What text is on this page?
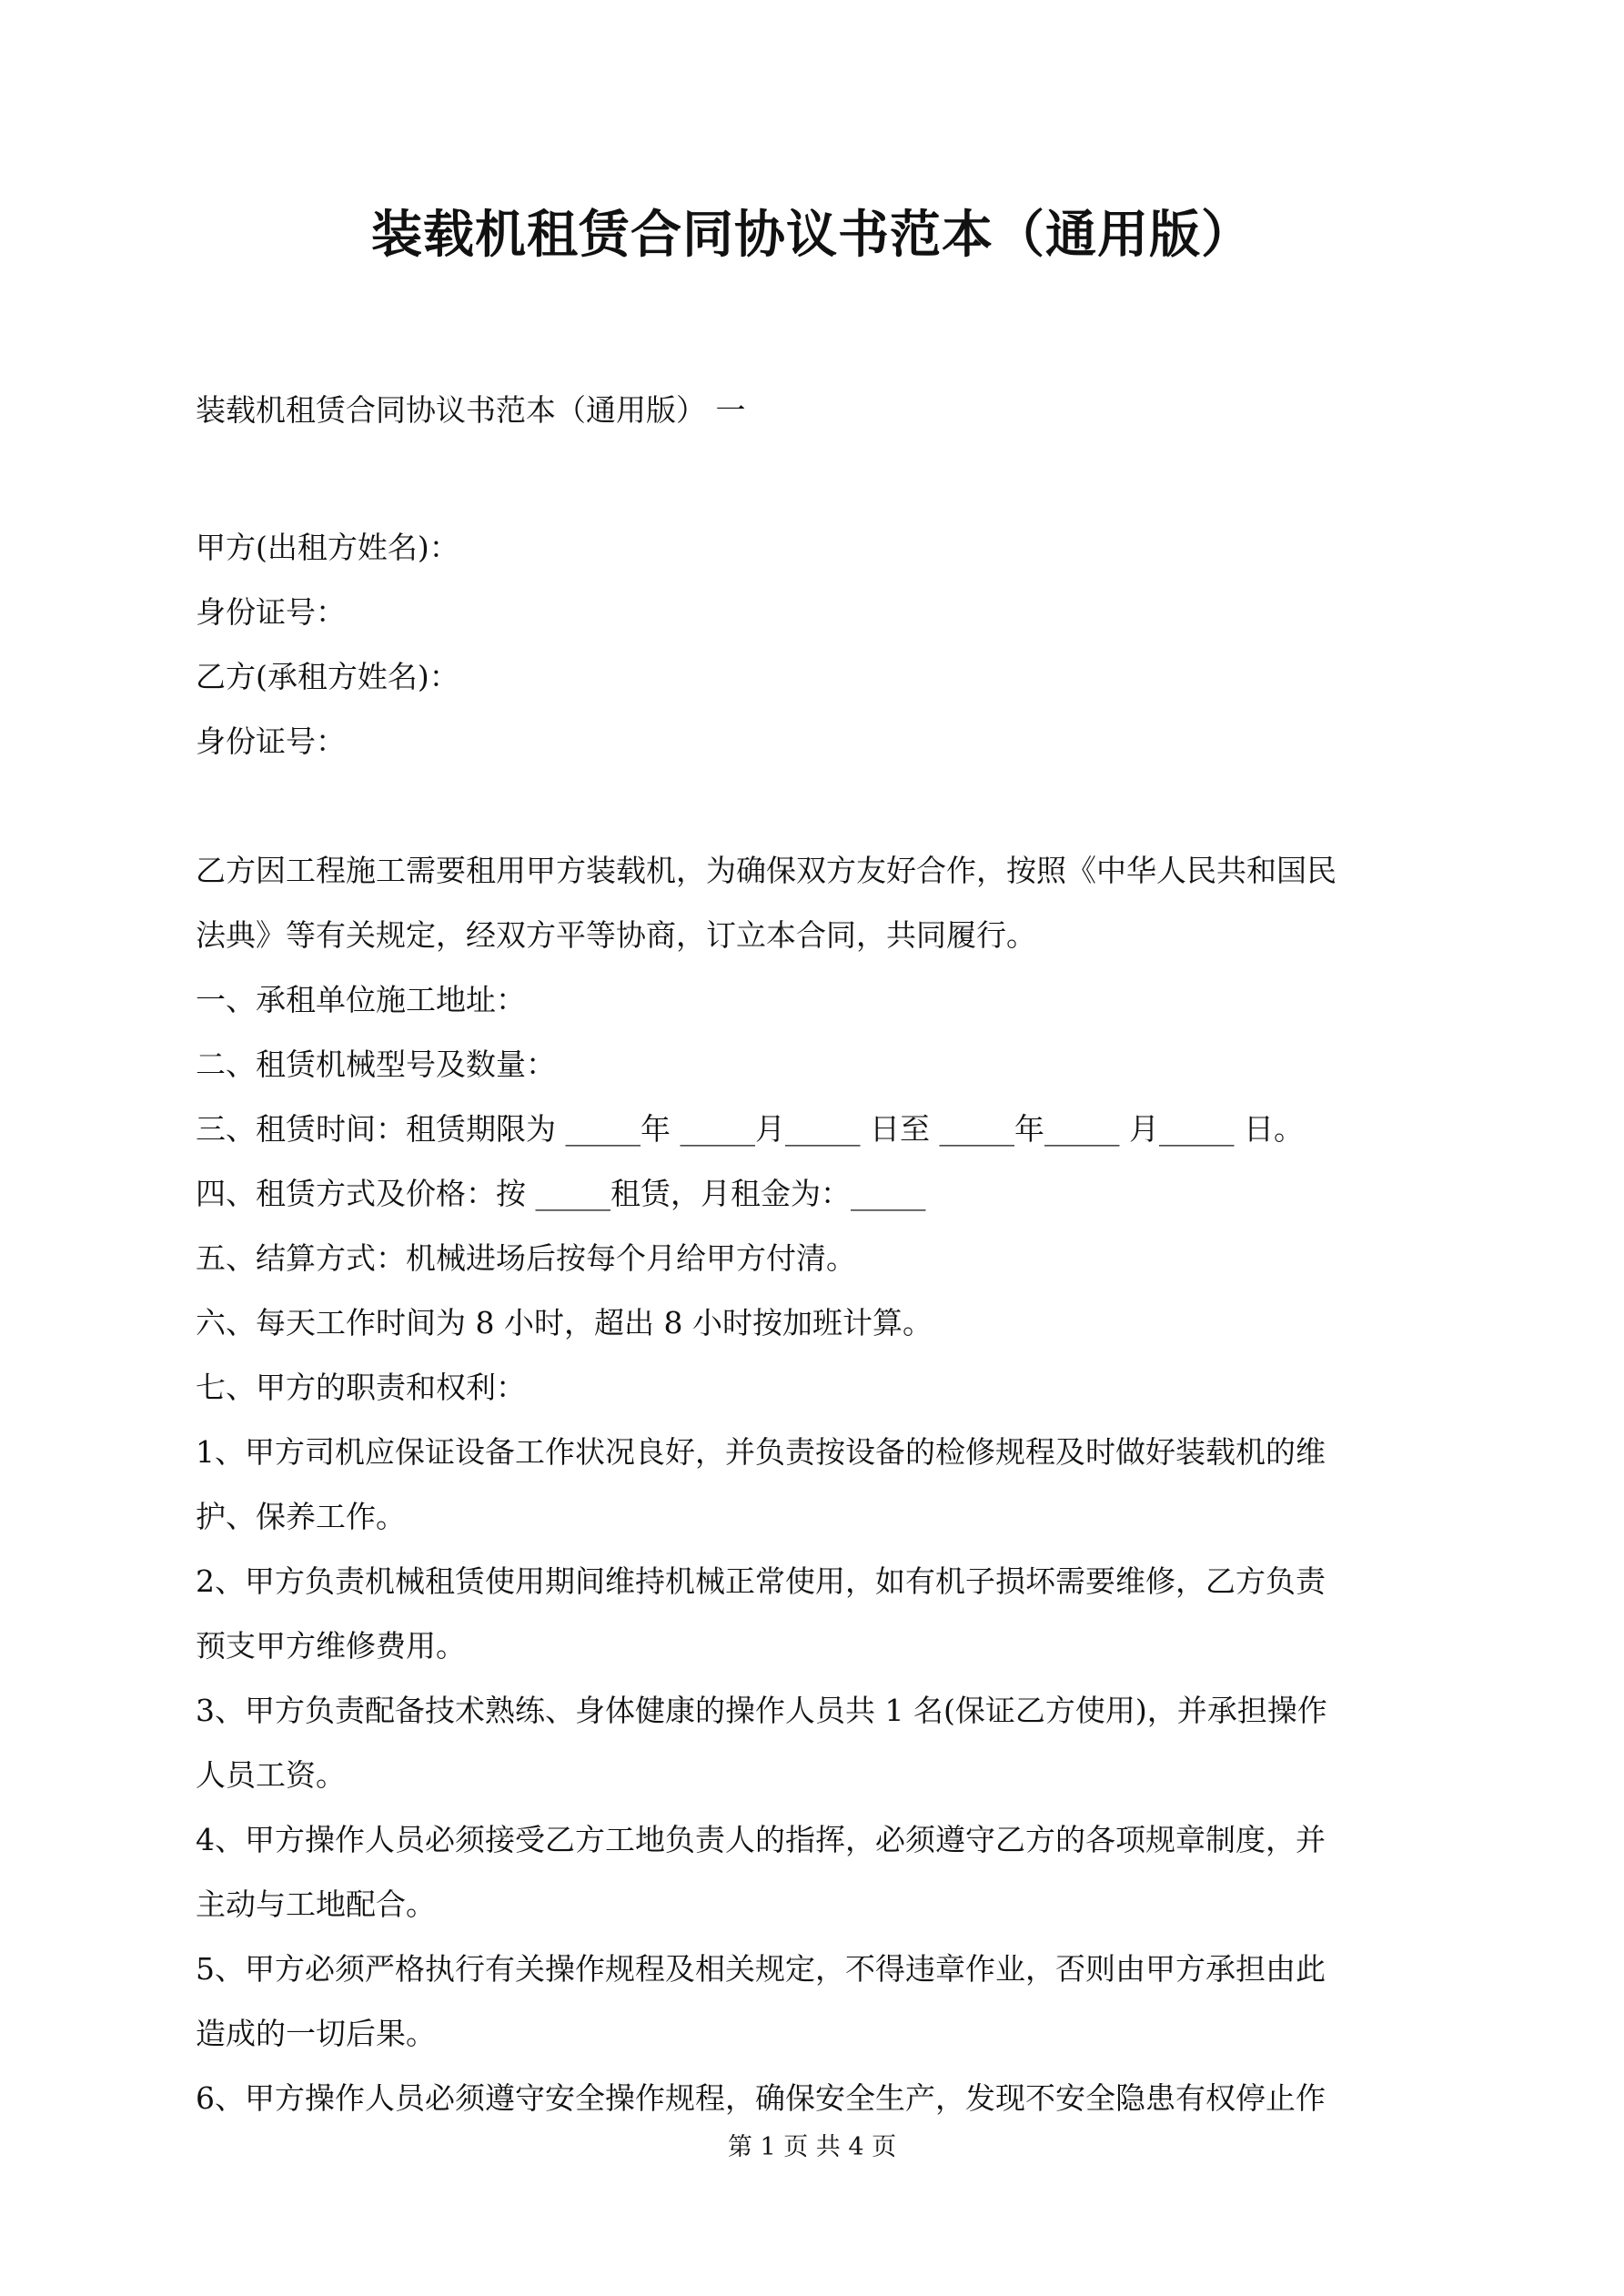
装载机租赁合同协议书范本（通用版）
装载机租赁合同协议书范本（通用版） 一
甲方(出租方姓名)：
身份证号：
乙方(承租方姓名)：
身份证号：
乙方因工程施工需要租用甲方装载机，为确保双方友好合作，按照《中华人民共和国民
法典》等有关规定，经双方平等协商，订立本合同，共同履行。
一、承租单位施工地址：
二、租赁机械型号及数量：
三、租赁时间：租赁期限为 _____年 _____月_____ 日至 _____年_____ 月_____ 日。
四、租赁方式及价格：按 _____租赁，月租金为：_____
五、结算方式：机械进场后按每个月给甲方付清。
六、每天工作时间为 8 小时，超出 8 小时按加班计算。
七、甲方的职责和权利：
1、甲方司机应保证设备工作状况良好，并负责按设备的检修规程及时做好装载机的维
护、保养工作。
2、甲方负责机械租赁使用期间维持机械正常使用，如有机子损坏需要维修，乙方负责
预支甲方维修费用。
3、甲方负责配备技术熟练、身体健康的操作人员共 1 名(保证乙方使用)，并承担操作
人员工资。
4、甲方操作人员必须接受乙方工地负责人的指挥，必须遵守乙方的各项规章制度，并
主动与工地配合。
5、甲方必须严格执行有关操作规程及相关规定，不得违章作业，否则由甲方承担由此
造成的一切后果。
6、甲方操作人员必须遵守安全操作规程，确保安全生产，发现不安全隐患有权停止作
第 1 页 共 4 页
